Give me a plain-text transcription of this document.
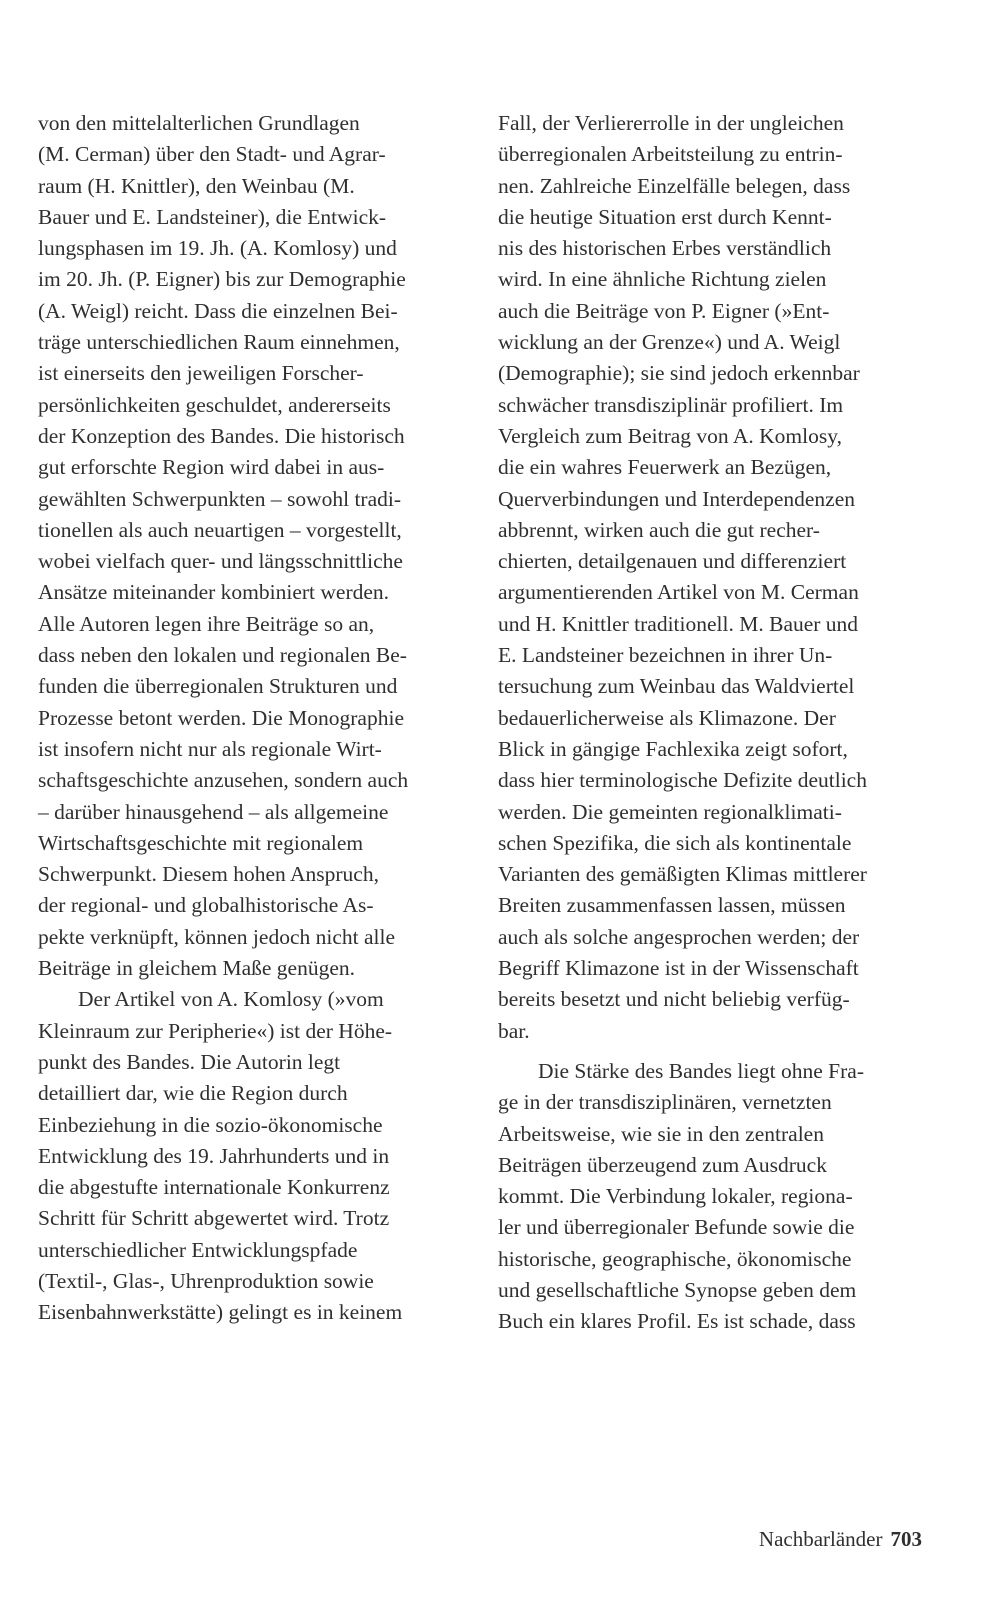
von den mittelalterlichen Grundlagen
(M. Cerman) über den Stadt- und Agrar-
raum (H. Knittler), den Weinbau (M.
Bauer und E. Landsteiner), die Entwick-
lungsphasen im 19. Jh. (A. Komlosy) und
im 20. Jh. (P. Eigner) bis zur Demographie
(A. Weigl) reicht. Dass die einzelnen Bei-
träge unterschiedlichen Raum einnehmen,
ist einerseits den jeweiligen Forscher-
persönlichkeiten geschuldet, andererseits
der Konzeption des Bandes. Die historisch
gut erforschte Region wird dabei in aus-
gewählten Schwerpunkten – sowohl tradi-
tionellen als auch neuartigen – vorgestellt,
wobei vielfach quer- und längsschnittliche
Ansätze miteinander kombiniert werden.
Alle Autoren legen ihre Beiträge so an,
dass neben den lokalen und regionalen Be-
funden die überregionalen Strukturen und
Prozesse betont werden. Die Monographie
ist insofern nicht nur als regionale Wirt-
schaftsgeschichte anzusehen, sondern auch
– darüber hinausgehend – als allgemeine
Wirtschaftsgeschichte mit regionalem
Schwerpunkt. Diesem hohen Anspruch,
der regional- und globalhistorische As-
pekte verknüpft, können jedoch nicht alle
Beiträge in gleichem Maße genügen.
Der Artikel von A. Komlosy (»vom
Kleinraum zur Peripherie«) ist der Höhe-
punkt des Bandes. Die Autorin legt
detailliert dar, wie die Region durch
Einbeziehung in die sozio-ökonomische
Entwicklung des 19. Jahrhunderts und in
die abgestufte internationale Konkurrenz
Schritt für Schritt abgewertet wird. Trotz
unterschiedlicher Entwicklungspfade
(Textil-, Glas-, Uhrenproduktion sowie
Eisenbahnwerkstätte) gelingt es in keinem
Fall, der Verliererrolle in der ungleichen
überregionalen Arbeitsteilung zu entrin-
nen. Zahlreiche Einzelfälle belegen, dass
die heutige Situation erst durch Kennt-
nis des historischen Erbes verständlich
wird. In eine ähnliche Richtung zielen
auch die Beiträge von P. Eigner (»Ent-
wicklung an der Grenze«) und A. Weigl
(Demographie); sie sind jedoch erkennbar
schwächer transdisziplinär profiliert. Im
Vergleich zum Beitrag von A. Komlosy,
die ein wahres Feuerwerk an Bezügen,
Querverbindungen und Interdependenzen
abbrennt, wirken auch die gut recher-
chierten, detailgenauen und differenziert
argumentierenden Artikel von M. Cerman
und H. Knittler traditionell. M. Bauer und
E. Landsteiner bezeichnen in ihrer Un-
tersuchung zum Weinbau das Waldviertel
bedauerlicherweise als Klimazone. Der
Blick in gängige Fachlexika zeigt sofort,
dass hier terminologische Defizite deutlich
werden. Die gemeinten regionalklimati-
schen Spezifika, die sich als kontinentale
Varianten des gemäßigten Klimas mittlerer
Breiten zusammenfassen lassen, müssen
auch als solche angesprochen werden; der
Begriff Klimazone ist in der Wissenschaft
bereits besetzt und nicht beliebig verfüg-
bar.
Die Stärke des Bandes liegt ohne Fra-
ge in der transdisziplinären, vernetzten
Arbeitsweise, wie sie in den zentralen
Beiträgen überzeugend zum Ausdruck
kommt. Die Verbindung lokaler, regiona-
ler und überregionaler Befunde sowie die
historische, geographische, ökonomische
und gesellschaftliche Synopse geben dem
Buch ein klares Profil. Es ist schade, dass
Nachbarländer 703
